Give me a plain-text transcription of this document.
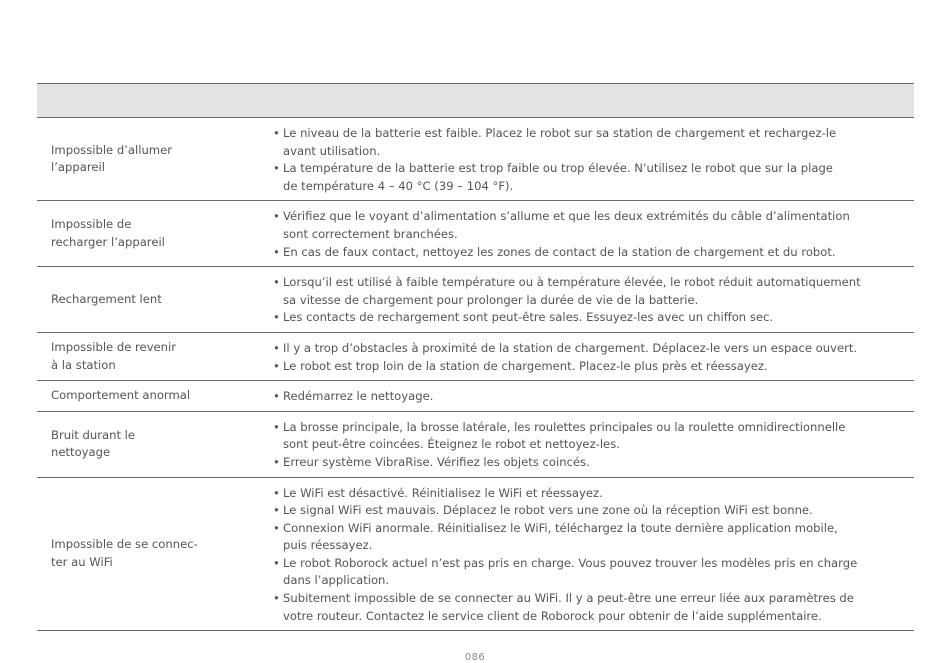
Impossible d’allumer
l’appareil
• Le niveau de la batterie est faible. Placez le robot sur sa station de chargement et rechargez-le
avant utilisation.
• La température de la batterie est trop faible ou trop élevée. N’utilisez le robot que sur la plage
de température 4 – 40 °C (39 – 104 °F).
Impossible de
recharger l’appareil
• Vérifiez que le voyant d’alimentation s’allume et que les deux extrémités du câble d’alimentation
sont correctement branchées.
• En cas de faux contact, nettoyez les zones de contact de la station de chargement et du robot.
Rechargement lent
• Lorsqu’il est utilisé à faible température ou à température élevée, le robot réduit automatiquement
sa vitesse de chargement pour prolonger la durée de vie de la batterie.
• Les contacts de rechargement sont peut-être sales. Essuyez-les avec un chiffon sec.
Impossible de revenir
à la station
• Il y a trop d’obstacles à proximité de la station de chargement. Déplacez-le vers un espace ouvert.
• Le robot est trop loin de la station de chargement. Placez-le plus près et réessayez.
Comportement anormal
•	Redémarrez le nettoyage.
Bruit durant le
nettoyage
• La brosse principale, la brosse latérale, les roulettes principales ou la roulette omnidirectionnelle
sont peut-être coincées. Éteignez le robot et nettoyez-les.
• Erreur système VibraRise. Vérifiez les objets coincés.
Impossible de se connec-
ter au WiFi
• Le WiFi est désactivé. Réinitialisez le WiFi et réessayez.
• Le signal WiFi est mauvais. Déplacez le robot vers une zone où la réception WiFi est bonne.
• Connexion WiFi anormale. Réinitialisez le WiFi, téléchargez la toute dernière application mobile,
puis réessayez.
• Le robot Roborock actuel n’est pas pris en charge. Vous pouvez trouver les modèles pris en charge
dans l’application.
• Subitement impossible de se connecter au WiFi. Il y a peut-être une erreur liée aux paramètres de
votre routeur. Contactez le service client de Roborock pour obtenir de l’aide supplémentaire.
086
